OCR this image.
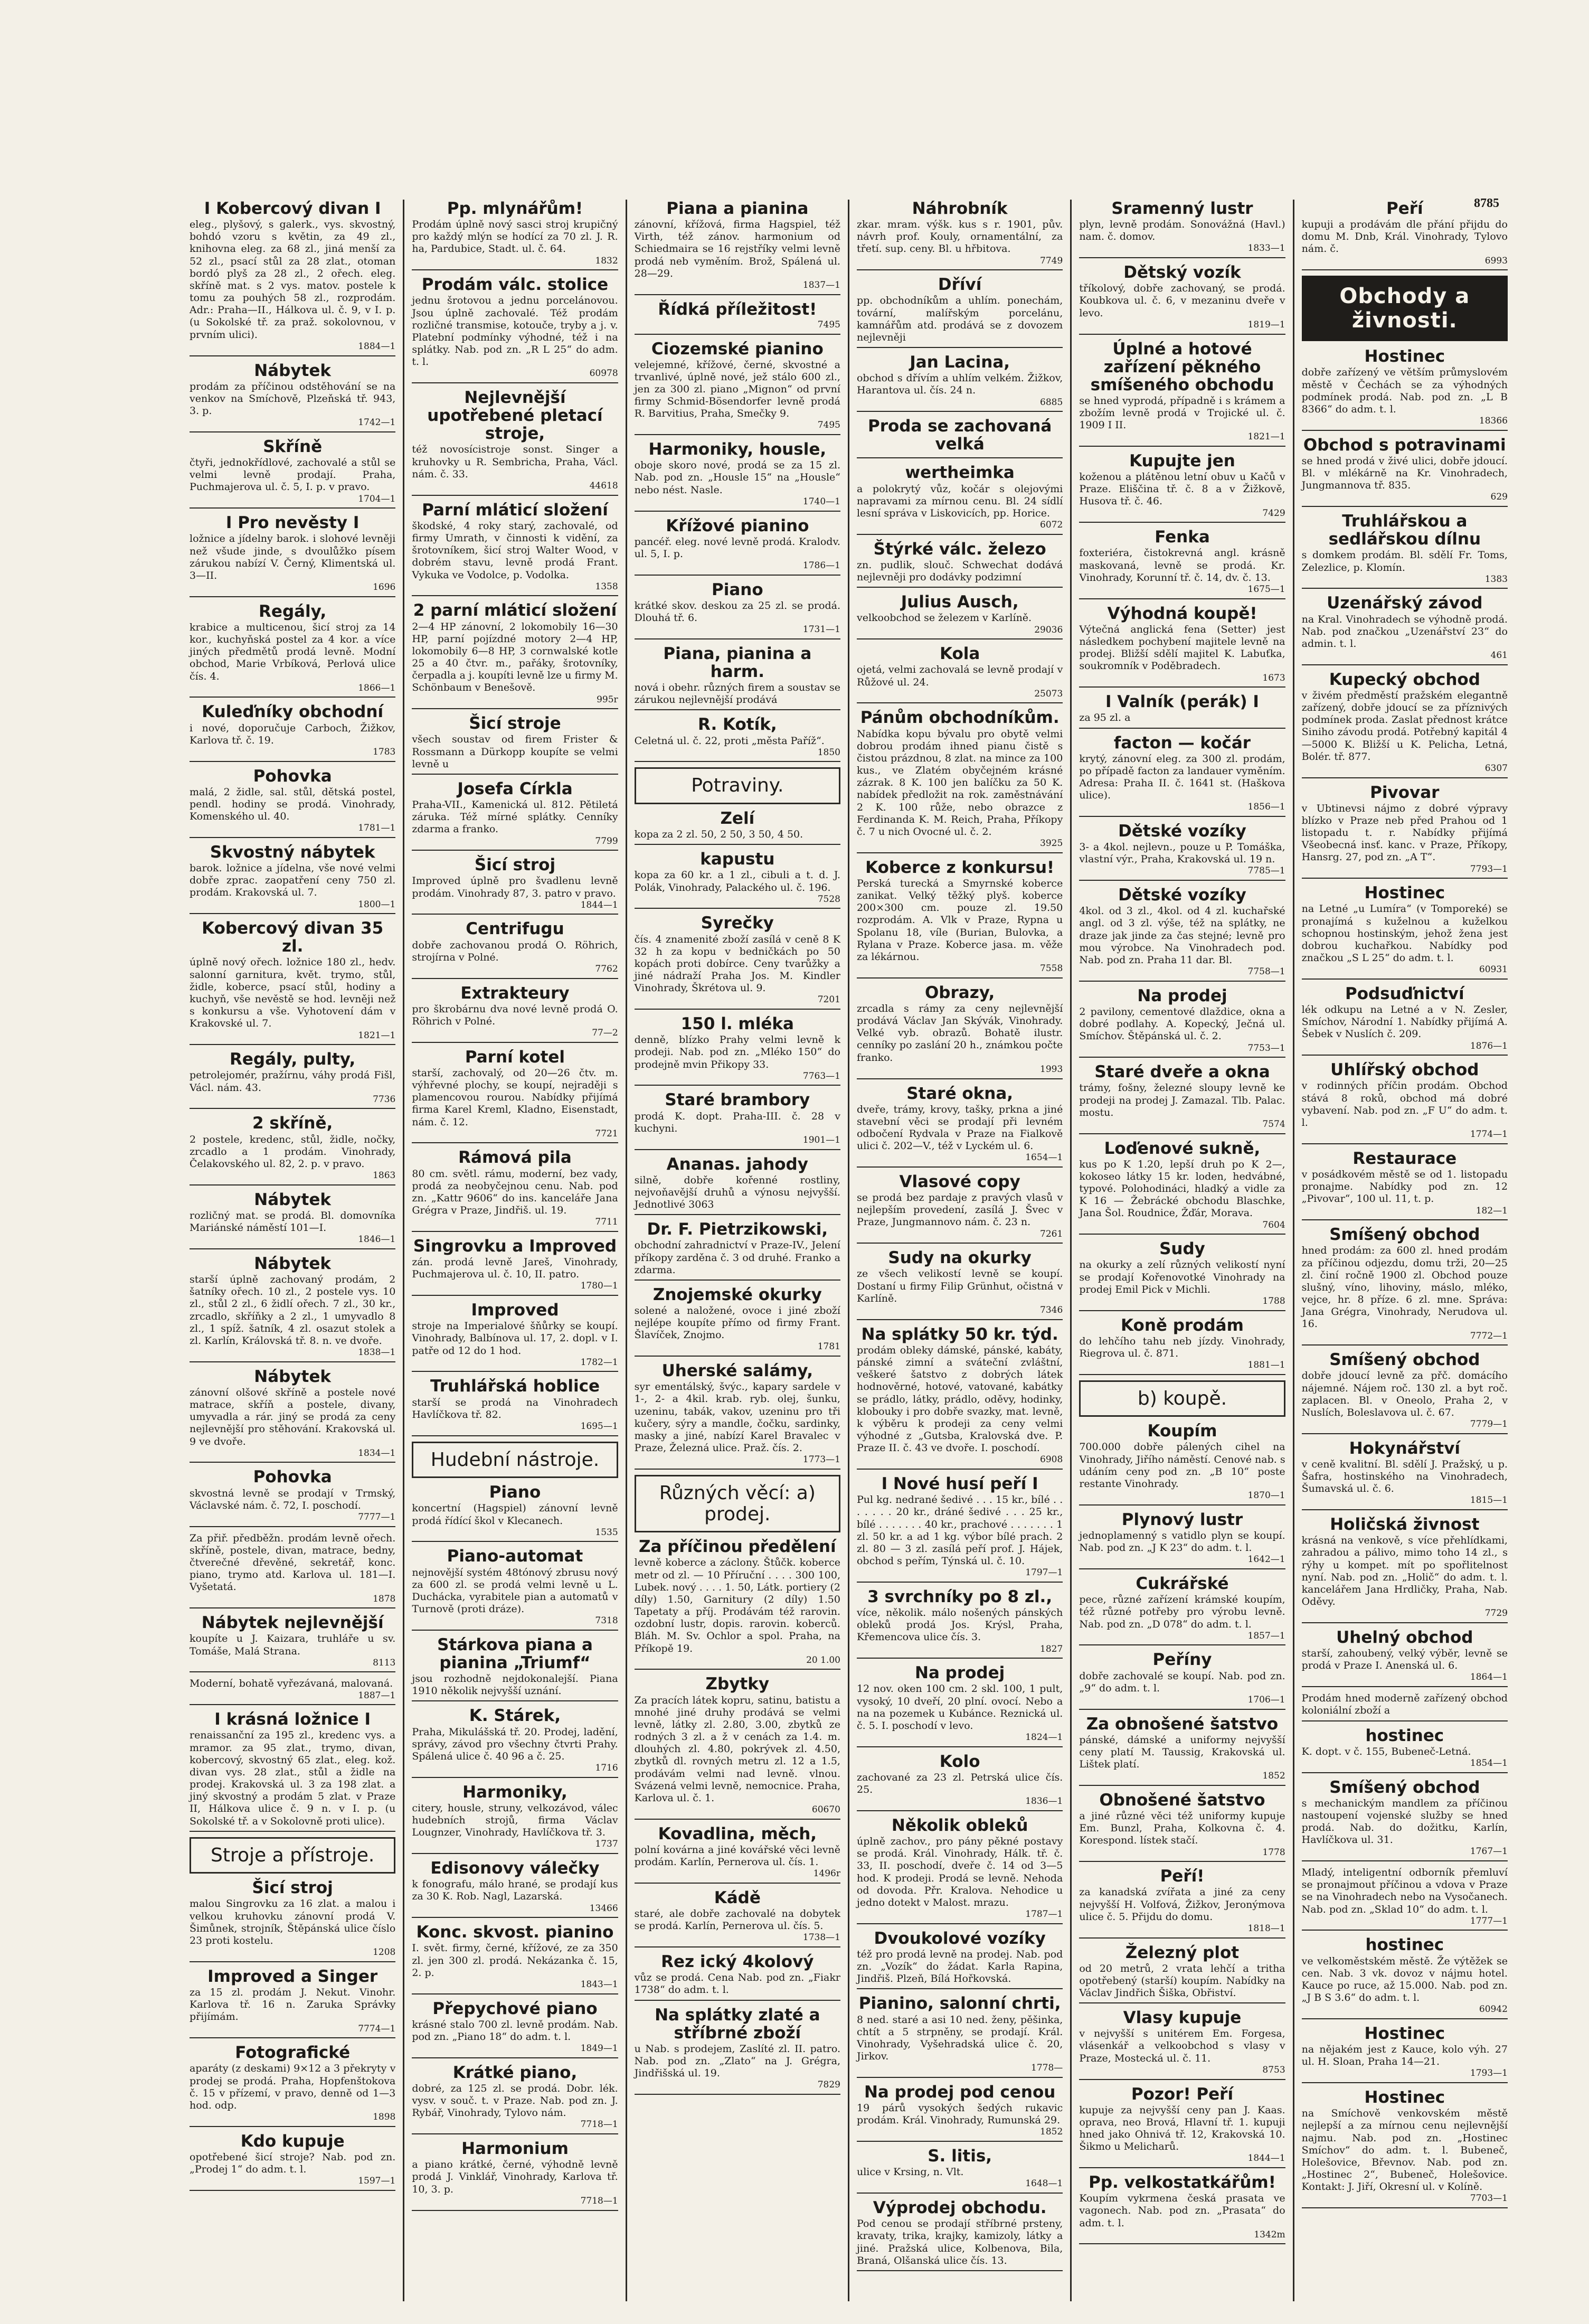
8785
I Kobercový divan I
eleg., plyšový, s galerk., vys. skvostný, bohdó vzoru s květin, za 49 zl., knihovna eleg. za 68 zl., jiná menší za 52 zl., psací stůl za 28 zlat., otoman bordó plyš za 28 zl., 2 ořech. eleg. skříně mat. s 2 vys. matov. postele k tomu za pouhých 58 zl., rozprodám. Adr.: Praha—II., Hálkova ul. č. 9, v I. p. (u Sokolské tř. za praž. sokolovnou, v prvním ulici).
1884—1
Nábytek
prodám za příčinou odstěhování se na venkov na Smíchově, Plzeňská tř. 943, 3. p.
1742—1
Skříně
čtyři, jednokřídlové, zachovalé a stůl se velmi levně prodají. Praha, Puchmajerova ul. č. 5, I. p. v pravo.
1704—1
I Pro nevěsty I
ložnice a jídelny barok. i slohové levněji než všude jinde, s dvoulůžko písem zárukou nabízí V. Černý, Klimentská ul. 3—II.
1696
Regály,
krabice a multicenou, šicí stroj za 14 kor., kuchyňská postel za 4 kor. a více jiných předmětů prodá levně. Modní obchod, Marie Vrbíková, Perlová ulice čís. 4.
1866—1
Kuleďníky obchodní
i nové, doporučuje Carboch, Žižkov, Karlova tř. č. 19.
1783
Pohovka
malá, 2 židle, sal. stůl, dětská postel, pendl. hodiny se prodá. Vinohrady, Komenského ul. 40.
1781—1
Skvostný nábytek
barok. ložnice a jídelna, vše nové velmi dobře zprac. zaopatření ceny 750 zl. prodám. Krakovská ul. 7.
1800—1
Kobercový divan 35 zl.
úplně nový ořech. ložnice 180 zl., hedv. salonní garnitura, květ. trymo, stůl, židle, koberce, psací stůl, hodiny a kuchyň, vše nevěstě se hod. levněji než s konkursu a vše. Vyhotovení dám v Krakovské ul. 7.
1821—1
Regály, pulty,
petrolejomér, pražírnu, váhy prodá Fišl, Václ. nám. 43.
7736
2 skříně,
2 postele, kredenc, stůl, židle, nočky, zrcadlo a 1 prodám. Vinohrady, Čelakovského ul. 82, 2. p. v pravo.
1863
Nábytek
rozličný mat. se prodá. Bl. domovníka Mariánské náměstí 101—I.
1846—1
Nábytek
starší úplně zachovaný prodám, 2 šatníky ořech. 10 zl., 2 postele vys. 10 zl., stůl 2 zl., 6 židlí ořech. 7 zl., 30 kr., zrcadlo, skříňky a 2 zl., 1 umyvadlo 8 zl., 1 spíž. šatník, 4 zl. osazut stolek a zl. Karlín, Královská tř. 8. n. ve dvoře.
1838—1
Nábytek
zánovní olšové skříně a postele nové matrace, skříň a postele, divany, umyvadla a rár. jiný se prodá za ceny nejlevnější pro stěhování. Krakovská ul. 9 ve dvoře.
1834—1
Pohovka
skvostná levně se prodají v Trmský, Václavské nám. č. 72, I. poschodí.
7777—1
Za přiř. předběžn. prodám levně ořech. skříně, postele, divan, matrace, bedny, čtverečné dřevěné, sekretář, konc. piano, trymo atd. Karlova ul. 181—I. Vyšetatá.
1878
Nábytek nejlevnější
koupíte u J. Kaizara, truhláře u sv. Tomáše, Malá Strana.
8113
Moderní, bohatě vyřezávaná, malovaná.
1887—1
I krásná ložnice I
renaissanční za 195 zl., kredenc vys. a mramor. za 95 zlat., trymo, divan, kobercový, skvostný 65 zlat., eleg. kož. divan vys. 28 zlat., stůl a židle na prodej. Krakovská ul. 3 za 198 zlat. a jiný skvostný a prodám 5 zlat. v Praze II, Hálkova ulice č. 9 n. v I. p. (u Sokolské tř. a v Sokolovně proti ulice).
Stroje a přístroje.
Šicí stroj
malou Singrovku za 16 zlat. a malou i velkou kruhovku zánovní prodá V. Šimůnek, strojník, Štěpánská ulice číslo 23 proti kostelu.
1208
Improved a Singer
za 15 zl. prodám J. Nekut. Vinohr. Karlova tř. 16 n. Zaruka Správky přijímám.
7774—1
Fotografické
aparáty (z deskami) 9×12 a 3 překryty v prodej se prodá. Praha, Hopfenštokova č. 15 v přízemí, v pravo, denně od 1—3 hod. odp.
1898
Kdo kupuje
opotřebené šicí stroje? Nab. pod zn. „Prodej 1“ do adm. t. l.
1597—1
Pp. mlynářům!
Prodám úplně nový sasci stroj krupičný pro každý mlýn se hodící za 70 zl. J. R. ha, Pardubice, Stadt. ul. č. 64.
1832
Prodám válc. stolice
jednu šrotovou a jednu porcelánovou. Jsou úplně zachovalé. Též prodám rozličné transmise, kotouče, tryby a j. v. Platební podmínky výhodné, též i na splátky. Nab. pod zn. „R L 25“ do adm. t. l.
60978
Nejlevnější upotřebené pletací stroje,
též novosícistroje sonst. Singer a kruhovky u R. Sembricha, Praha, Václ. nám. č. 33.
44618
Parní mláticí složení
škodské, 4 roky starý, zachovalé, od firmy Umrath, v činnosti k vidění, za šrotovníkem, šicí stroj Walter Wood, v dobrém stavu, levně prodá Frant. Vykuka ve Vodolce, p. Vodolka.
1358
2 parní mláticí složení
2—4 HP zánovní, 2 lokomobily 16—30 HP, parní pojízdné motory 2—4 HP, lokomobily 6—8 HP, 3 cornwalské kotle 25 a 40 čtvr. m., pařáky, šrotovníky, čerpadla a j. koupíti levně lze u firmy M. Schönbaum v Benešově.
995r
Šicí stroje
všech soustav od firem Frister & Rossmann a Dürkopp koupíte se velmi levně u
Josefa Církla
Praha-VII., Kamenická ul. 812. Pětiletá záruka. Též mírné splátky. Cenníky zdarma a franko.
7799
Šicí stroj
Improved úplně pro švadlenu levně prodám. Vinohrady 87, 3. patro v pravo.
1844—1
Centrifugu
dobře zachovanou prodá O. Röhrich, strojírna v Polné.
7762
Extrakteury
pro škrobárnu dva nové levně prodá O. Röhrich v Polné.
77—2
Parní kotel
starší, zachovalý, od 20—26 čtv. m. výhřevné plochy, se koupí, nejraději s plamencovou rourou. Nabídky přijímá firma Karel Kreml, Kladno, Eisenstadt, nám. č. 12.
7721
Rámová pila
80 cm. světl. rámu, moderní, bez vady, prodá za neobyčejnou cenu. Nab. pod zn. „Kattr 9606“ do ins. kanceláře Jana Grégra v Praze, Jindřiš. ul. 19.
7711
Singrovku a Improved
zán. prodá levně Jareš, Vinohrady, Puchmajerova ul. č. 10, II. patro.
1780—1
Improved
stroje na Imperialové šňůrky se koupí. Vinohrady, Balbínova ul. 17, 2. dopl. v I. patře od 12 do 1 hod.
1782—1
Truhlářská hoblice
starší se prodá na Vinohradech Havlíčkova tř. 82.
1695—1
Hudební nástroje.
Piano
koncertní (Hagspiel) zánovní levně prodá řídící škol v Klecanech.
1535
Piano-automat
nejnovější systém 48tónový zbrusu nový za 600 zl. se prodá velmi levně u L. Duchácka, vyrabitele pian a automatů v Turnově (proti dráze).
7318
Stárkova piana a pianina „Triumf“
jsou rozhodně nejdokonalejší. Piana 1910 několik nejvyšší uznání.
K. Stárek,
Praha, Mikulášská tř. 20. Prodej, ladění, správy, závod pro všechny čtvrti Prahy. Spálená ulice č. 40 96 a č. 25.
1716
Harmoniky,
citery, housle, struny, velkozávod, válec hudebních strojů, firma Václav Lougnzer, Vinohrady, Havlíčkova tř. 3.
1737
Edisonovy válečky
k fonografu, málo hrané, se prodají kus za 30 K. Rob. Nagl, Lazarská.
13466
Konc. skvost. pianino
I. svět. firmy, černé, křížové, ze za 350 zl. jen 300 zl. prodá. Nekázanka č. 15, 2. p.
1843—1
Přepychové piano
krásné stalo 700 zl. levně prodám. Nab. pod zn. „Piano 18“ do adm. t. l.
1849—1
Krátké piano,
dobré, za 125 zl. se prodá. Dobr. lék. vysv. v souč. t. v Praze. Nab. pod zn. J. Rybář, Vinohrady, Tylovo nám.
7718—1
Harmonium
a piano krátké, černé, výhodně levně prodá J. Vinklář, Vinohrady, Karlova tř. 10, 3. p.
7718—1
Piana a pianina
zánovní, křížová, firma Hagspiel, též Virth, též zánov. harmonium od Schiedmaira se 16 rejstříky velmi levně prodá neb vyměním. Brož, Spálená ul. 28—29.
1837—1
Řídká příležitost!
7495
Ciozemské pianino
velejemné, křížové, černé, skvostné a trvanlivé, úplně nové, jež stálo 600 zl., jen za 300 zl. piano „Mignon“ od první firmy Schmid-Bösendorfer levně prodá R. Barvitius, Praha, Smečky 9.
7495
Harmoniky, housle,
oboje skoro nové, prodá se za 15 zl. Nab. pod zn. „Housle 15“ na „Housle“ nebo nést. Nasle.
1740—1
Křížové pianino
pancéř. eleg. nové levně prodá. Kralodv. ul. 5, I. p.
1786—1
Piano
krátké skov. deskou za 25 zl. se prodá. Dlouhá tř. 6.
1731—1
Piana, pianina a harm.
nová i obehr. různých firem a soustav se zárukou nejlevnější prodává
R. Kotík,
Celetná ul. č. 22, proti „města Paříž“.
1850
Potraviny.
Zelí
kopa za 2 zl. 50, 2 50, 3 50, 4 50.
kapustu
kopa za 60 kr. a 1 zl., cibuli a t. d. J. Polák, Vinohrady, Palackého ul. č. 196.
7528
Syrečky
čís. 4 znamenité zboží zasílá v ceně 8 K 32 h za kopu v bedničkách po 50 kopách proti dobírce. Ceny tvarůžky a jiné nádraží Praha Jos. M. Kindler Vinohrady, Škrétova ul. 9.
7201
150 l. mléka
denně, blízko Prahy velmi levně k prodeji. Nab. pod zn. „Mléko 150“ do prodejně mvin Přikopy 33.
7763—1
Staré brambory
prodá K. dopt. Praha-III. č. 28 v kuchyni.
1901—1
Ananas. jahody
silně, dobře kořenné rostliny, nejvoňavější druhů a výnosu nejvyšší. Jednotlivé 3063
Dr. F. Pietrzikowski,
obchodní zahradnictví v Praze-IV., Jelení příkopy zarděna č. 3 od druhé. Franko a zdarma.
Znojemské okurky
solené a naložené, ovoce i jiné zboží nejlépe koupíte přímo od firmy Frant. Šlavíček, Znojmo.
1781
Uherské salámy,
syr ementálský, švýc., kapary sardele v 1-, 2- a 4kil. krab. ryb. olej, šunku, uzeninu, tabák, vakov, uzeninu pro tři kučery, sýry a mandle, čočku, sardinky, masky a jiné, nabízí Karel Bravalec v Praze, Železná ulice. Praž. čís. 2.
1773—1
Různých věcí: a) prodej.
Za příčinou předělení
levně koberce a záclony. Štůčk. koberce metr od zl. — 10 Příruční . . . . 300 100, Lubek. nový . . . . 1. 50, Látk. portiery (2 díly) 1.50, Garnitury (2 díly) 1.50 Tapetaty a příj. Prodávám též rarovin. ozdobní lustr, dopis. rarovin. koberců. Bláh. M. Sv. Ochlor a spol. Praha, na Příkopě 19.
20 1.00
Zbytky
Za pracích látek kopru, satinu, batistu a mnohé jiné druhy prodává se velmi levně, látky zl. 2.80, 3.00, zbytků ze rodných 3 zl. a ž v cenách za 1.4. m. dlouhých zl. 4.80, pokrývek zl. 4.50, zbytků dl. rovných metru zl. 12 a 1.5, prodávám velmi nad levně. vlnou. Svázená velmi levně, nemocnice. Praha, Karlova ul. č. 1.
60670
Kovadlina, měch,
polní kovárna a jiné kovářské věci levně prodám. Karlín, Pernerova ul. čís. 1.
1496r
Kádě
staré, ale dobře zachovalé na dobytek se prodá. Karlín, Pernerova ul. čís. 5.
1738—1
Rez ický 4kolový
vůz se prodá. Cena Nab. pod zn. „Fiakr 1738“ do adm. t. l.
Na splátky zlaté a stříbrné zboží
u Nab. s prodejem, Zaslíté zl. II. patro. Nab. pod zn. „Zlato“ na J. Grégra, Jindřišská ul. 19.
7829
Náhrobník
zkar. mram. výšk. kus s r. 1901, pův. návrh prof. Kouly, ornamentální, za třetí. sup. ceny. Bl. u hřbitova.
7749
Dříví
pp. obchodníkům a uhlím. ponechám, tovární, malířským porcelánu, kamnářům atd. prodává se z dovozem nejlevněji
Jan Lacina,
obchod s dřívím a uhlím velkém. Žižkov, Harantova ul. čís. 24 n.
6885
Proda se zachovaná velká
wertheimka
a polokrytý vůz, kočár s olejovými napravami za mírnou cenu. Bl. 24 sídlí lesní správa v Liskovicích, pp. Horice.
6072
Štýrké válc. železo
zn. pudlik, slouč. Schwechat dodává nejlevněji pro dodávky podzimní
Julius Ausch,
velkoobchod se železem v Karlíně.
29036
Kola
ojetá, velmi zachovalá se levně prodají v Růžové ul. 24.
25073
Pánům obchodníkům.
Nabídka kopu bývalu pro obytě velmi dobrou prodám ihned pianu čistě s čistou prázdnou, 8 zlat. na mince za 100 kus., ve Zlatém obyčejném krásné zázrak. 8 K. 100 jen balíčku za 50 K. nabídek předložit na rok. zaměstnávání 2 K. 100 růže, nebo obrazce z Ferdinanda K. M. Reich, Praha, Příkopy č. 7 u nich Ovocné ul. č. 2.
3925
Koberce z konkursu!
Perská turecká a Smyrnské koberce zanikat. Velký těžký plyš. koberce 200×300 cm. pouze zl. 19.50 rozprodám. A. Vlk v Praze, Rypna u Spolanu 18, víle (Burian, Bulovka, a Rylana v Praze. Koberce jasa. m. věže za lékárnou.
7558
Obrazy,
zrcadla s rámy za ceny nejlevnější prodává Václav Jan Skývák, Vinohrady. Velké vyb. obrazů. Bohatě ilustr. cenníky po zaslání 20 h., známkou počte franko.
1993
Staré okna,
dveře, trámy, krovy, tašky, prkna a jiné stavební věci se prodají při levném odbočení Rydvala v Praze na Fialkově ulici č. 202—V., též v Lyckém ul. 6.
1654—1
Vlasové copy
se prodá bez pardaje z pravých vlasů v nejlepším provedení, zasílá J. Švec v Praze, Jungmannovo nám. č. 23 n.
7261
Sudy na okurky
ze všech velikostí levně se koupí. Dostaní u firmy Filip Grünhut, očistná v Karlíně.
7346
Na splátky 50 kr. týd.
prodám obleky dámské, pánské, kabáty, pánské zimní a sváteční zvláštní, veškeré šatstvo z dobrých látek hodnověrné, hotové, vatované, kabátky se prádlo, látky, prádlo, oděvy, hodinky, klobouky i pro dobře svazky, mat. levně, k výběru k prodeji za ceny velmi výhodné z „Gutsba, Kralovská dve. P. Praze II. č. 43 ve dvoře. I. poschodí.
6908
I Nové husí peří I
Pul kg. nedrané šedivé . . . 15 kr., bílé . . . . . . . 20 kr., dráné šedivé . . . 25 kr., bílé . . . . . . . 40 kr., prachové . . . . . . . 1 zl. 50 kr. a ad 1 kg. výbor bílé prach. 2 zl. 80 — 3 zl. zasílá peří prof. J. Hájek, obchod s peřím, Týnská ul. č. 10.
1797—1
3 svrchníky po 8 zl.,
více, několik. málo nošených pánských obleků prodá Jos. Krýsl, Praha, Křemencova ulice čís. 3.
1827
Na prodej
12 nov. oken 100 cm. 2 skl. 100, 1 pult, vysoký, 10 dveří, 20 plní. ovocí. Nebo a na na pozemek u Kubánce. Reznická ul. č. 5. I. poschodí v levo.
1824—1
Kolo
zachované za 23 zl. Petrská ulice čís. 25.
1836—1
Několik obleků
úplně zachov., pro pány pěkné postavy se prodá. Král. Vinohrady, Hálk. tř. č. 33, II. poschodí, dveře č. 14 od 3—5 hod. K prodeji. Prodá se levně. Nehoda od dovoda. Přr. Kralova. Nehodice u jedno dotekt v Malost. mrazu.
1787—1
Dvoukolové vozíky
též pro prodá levně na prodej. Nab. pod zn. „Vozík“ do žádat. Karla Rapina, Jindřiš. Plzeň, Bílá Hořkovská.
Pianino, salonní chrti,
8 ned. staré a asi 10 ned. ženy, pěšinka, chtít a 5 strpněny, se prodají. Král. Vinohrady, Vyšehradská ulice č. 20, Jirkov.
1778—
Na prodej pod cenou
19 párů vysokých šedých rukavic prodám. Král. Vinohrady, Rumunská 29.
1852
S. litis,
ulice v Krsing, n. Vlt.
1648—1
Výprodej obchodu.
Pod cenou se prodají stříbrné prsteny, kravaty, trika, krajky, kamizoly, látky a jiné. Pražská ulice, Kolbenova, Bila, Braná, Olšanská ulice čís. 13.
Sramenný lustr
plyn, levně prodám. Sonovážná (Havl.) nam. č. domov.
1833—1
Dětský vozík
tříkolový, dobře zachovaný, se prodá. Koubkova ul. č. 6, v mezaninu dveře v levo.
1819—1
Úplné a hotové zařízení pěkného smíšeného obchodu
se hned vyprodá, případně i s krámem a zbožím levně prodá v Trojické ul. č. 1909 I II.
1821—1
Kupujte jen
koženou a plátěnou letní obuv u Kačů v Praze. Eliščina tř. č. 8 a v Žižkově, Husova tř. č. 46.
7429
Fenka
foxteriéra, čistokrevná angl. krásně maskovaná, levně se prodá. Kr. Vinohrady, Korunní tř. č. 14, dv. č. 13.
1675—1
Výhodná koupě!
Výtečná anglická fena (Setter) jest následkem pochybení majitele levně na prodej. Bližší sdělí majitel K. Labuťka, soukromník v Poděbradech.
1673
I Valník (perák) I
za 95 zl. a
facton — kočár
krytý, zánovní eleg. za 300 zl. prodám, po případě facton za landauer vyměním. Adresa: Praha II. č. 1641 st. (Haškova ulice).
1856—1
Dětské vozíky
3- a 4kol. nejlevn., pouze u P. Tomáška, vlastní výr., Praha, Krakovská ul. 19 n.
7785—1
Dětské vozíky
4kol. od 3 zl., 4kol. od 4 zl. kuchařské angl. od 3 zl. výše, též na splátky, ne draze jak jinde za čas stejné; levně pro mou výrobce. Na Vinohradech pod. Nab. pod zn. Praha 11 dar. Bl.
7758—1
Na prodej
2 pavilony, cementové dlaždice, okna a dobré podlahy. A. Kopecký, Ječná ul. Smíchov. Štěpánská ul. č. 2.
7753—1
Staré dveře a okna
trámy, fošny, železné sloupy levně ke prodeji na prodej J. Zamazal. Tlb. Palac. mostu.
7574
Loďenové sukně,
kus po K 1.20, lepší druh po K 2—, kokoseo látky 15 kr. loden, hedvábné, typové. Polohodináci, hladký a vidle za K 16 — Žebrácké obchodu Blaschke, Jana Šol. Roudnice, Žďár, Morava.
7604
Sudy
na okurky a zelí různých velikostí nyní se prodají Kořenovotké Vinohrady na prodej Emil Pick v Michli.
1788
Koně prodám
do lehčího tahu neb jízdy. Vinohrady, Riegrova ul. č. 871.
1881—1
b) koupě.
Koupím
700.000 dobře pálených cihel na Vinohrady, Jiřího náměstí. Cenové nab. s udáním ceny pod zn. „B 10“ poste restante Vinohrady.
1870—1
Plynový lustr
jednoplamenný s vatidlo plyn se koupí. Nab. pod zn. „J K 23“ do adm. t. l.
1642—1
Cukrářské
pece, různé zařízení krámské koupím, též různé potřeby pro výrobu levně. Nab. pod zn. „D 078“ do adm. t. l.
1857—1
Peříny
dobře zachovalé se koupí. Nab. pod zn. „9“ do adm. t. l.
1706—1
Za obnošené šatstvo
pánské, dámské a uniformy nejvyšší ceny platí M. Taussig, Krakovská ul. Lištek platí.
1852
Obnošené šatstvo
a jiné různé věci též uniformy kupuje Em. Bunzl, Praha, Kolkovna č. 4. Korespond. lístek stačí.
1778
Peří!
za kanadská zvířata a jiné za ceny nejvyšší H. Volfová, Žižkov, Jeronýmova ulice č. 5. Přijdu do domu.
1818—1
Železný plot
od 20 metrů, 2 vrata lehčí a tritha opotřebený (starší) koupím. Nabídky na Václav Jindřich Šiška, Obřiství.
Vlasy kupuje
v nejvyšší s unitérem Em. Forgesa, vlásenkář a velkoobchod s vlasy v Praze, Mostecká ul. č. 11.
8753
Pozor! Peří
kupuje za nejvyšší ceny pan J. Kaas. oprava, neo Brová, Hlavní tř. 1. kupuji hned jako Ohnivá tř. 12, Krakovská 10. Šikmo u Melicharů.
1844—1
Pp. velkostatkářům!
Koupím vykrmena česká prasata ve vagonech. Nab. pod zn. „Prasata“ do adm. t. l.
1342m
Peří
kupuji a prodávám dle přání přijdu do domu M. Dnb, Král. Vinohrady, Tylovo nám. č.
6993
Obchody a živnosti.
Hostinec
dobře zařízený ve větším průmyslovém městě v Čechách se za výhodných podmínek prodá. Nab. pod zn. „L B 8366“ do adm. t. l.
18366
Obchod s potravinami
se hned prodá v živé ulici, dobře jdoucí. Bl. v mlékárně na Kr. Vinohradech, Jungmannova tř. 835.
629
Truhlářskou a sedlářskou dílnu
s domkem prodám. Bl. sdělí Fr. Toms, Zelezlice, p. Klomín.
1383
Uzenářský závod
na Kral. Vinohradech se výhodně prodá. Nab. pod značkou „Uzenářství 23“ do admin. t. l.
461
Kupecký obchod
v živém předměstí pražském elegantně zařízený, dobře jdoucí se za příznivých podmínek proda. Zaslat přednost krátce Siniho závodu prodá. Potřebný kapitál 4—5000 K. Bližší u K. Pelicha, Letná, Bolér. tř. 877.
6307
Pivovar
v Ubtinevsi nájmo z dobré výpravy blízko v Praze neb před Prahou od 1 listopadu t. r. Nabídky přijímá Všeobecná insť. kanc. v Praze, Příkopy, Hansrg. 27, pod zn. „A T“.
7793—1
Hostinec
na Letné „u Lumíra“ (v Tomporeké) se pronajímá s kuželnou a kuželkou schopnou hostinským, jehož žena jest dobrou kuchařkou. Nabídky pod značkou „S L 25“ do adm. t. l.
60931
Podsuďnictví
lék odkupu na Letné a v N. Zesler, Smíchov, Národní 1. Nabídky přijímá A. Šebek v Nuslích č. 209.
1876—1
Uhlířský obchod
v rodinných příčin prodám. Obchod stává 8 roků, obchod má dobré vybavení. Nab. pod zn. „F U“ do adm. t. l.
1774—1
Restaurace
v posádkovém městě se od 1. listopadu pronajme. Nabídky pod zn. 12 „Pivovar“, 100 ul. 11, t. p.
182—1
Smíšený obchod
hned prodám: za 600 zl. hned prodám za příčinou odjezdu, domu trži, 20—25 zl. činí ročně 1900 zl. Obchod pouze slušný, víno, lihoviny, máslo, mléko, vejce, hr. 8 příze. 6 zl. mne. Správa: Jana Grégra, Vinohrady, Nerudova ul. 16.
7772—1
Smíšený obchod
dobře jdoucí levně za přč. domácího nájemné. Nájem roč. 130 zl. a byt roč. zaplacen. Bl. v Oneolo, Praha 2, v Nuslích, Boleslavova ul. č. 67.
7779—1
Hokynářství
v ceně kvalitní. Bl. sdělí J. Pražský, u p. Šafra, hostinského na Vinohradech, Šumavská ul. č. 6.
1815—1
Holičská živnost
krásná na venkově, s více přehlídkami, zahradou a pálivo, mimo toho 14 zl., s rýhy u kompet. mít po spořlitelnost nyní. Nab. pod zn. „Holič“ do adm. t. l. kancelářem Jana Hrdličky, Praha, Nab. Oděvy.
7729
Uhelný obchod
starší, zahoubený, velký výběr, levně se prodá v Praze I. Anenská ul. 6.
1864—1
Prodám hned moderně zařízený obchod koloniální zboží a
hostinec
K. dopt. v č. 155, Bubeneč-Letná.
1854—1
Smíšený obchod
s mechanickým mandlem za příčinou nastoupení vojenské služby se hned prodá. Nab. do dožitku, Karlín, Havlíčkova ul. 31.
1767—1
Mladý, inteligentní odborník přemluví se pronajmout příčinou a vdova v Praze se na Vinohradech nebo na Vysočanech. Nab. pod zn. „Sklad 10“ do adm. t. l.
1777—1
hostinec
ve velkoměstském městě. Že výtěžek se cen. Nab. 3 vk. dovoz v nájmu hotel. Kauce po ruce, až 15.000. Nab. pod zn. „J B S 3.6“ do adm. t. l.
60942
Hostinec
na nějakém jest z Kauce, kolo výh. 27 ul. H. Sloan, Praha 14—21.
1793—1
Hostinec
na Smíchově venkovském městě nejlepší a za mírnou cenu nejlevnější najmu. Nab. pod zn. „Hostinec Smíchov“ do adm. t. l. Bubeneč, Holešovice, Břevnov. Nab. pod zn. „Hostinec 2“, Bubeneč, Holešovice. Kontakt: J. Jiří, Okresní ul. v Kolíně.
7703—1
